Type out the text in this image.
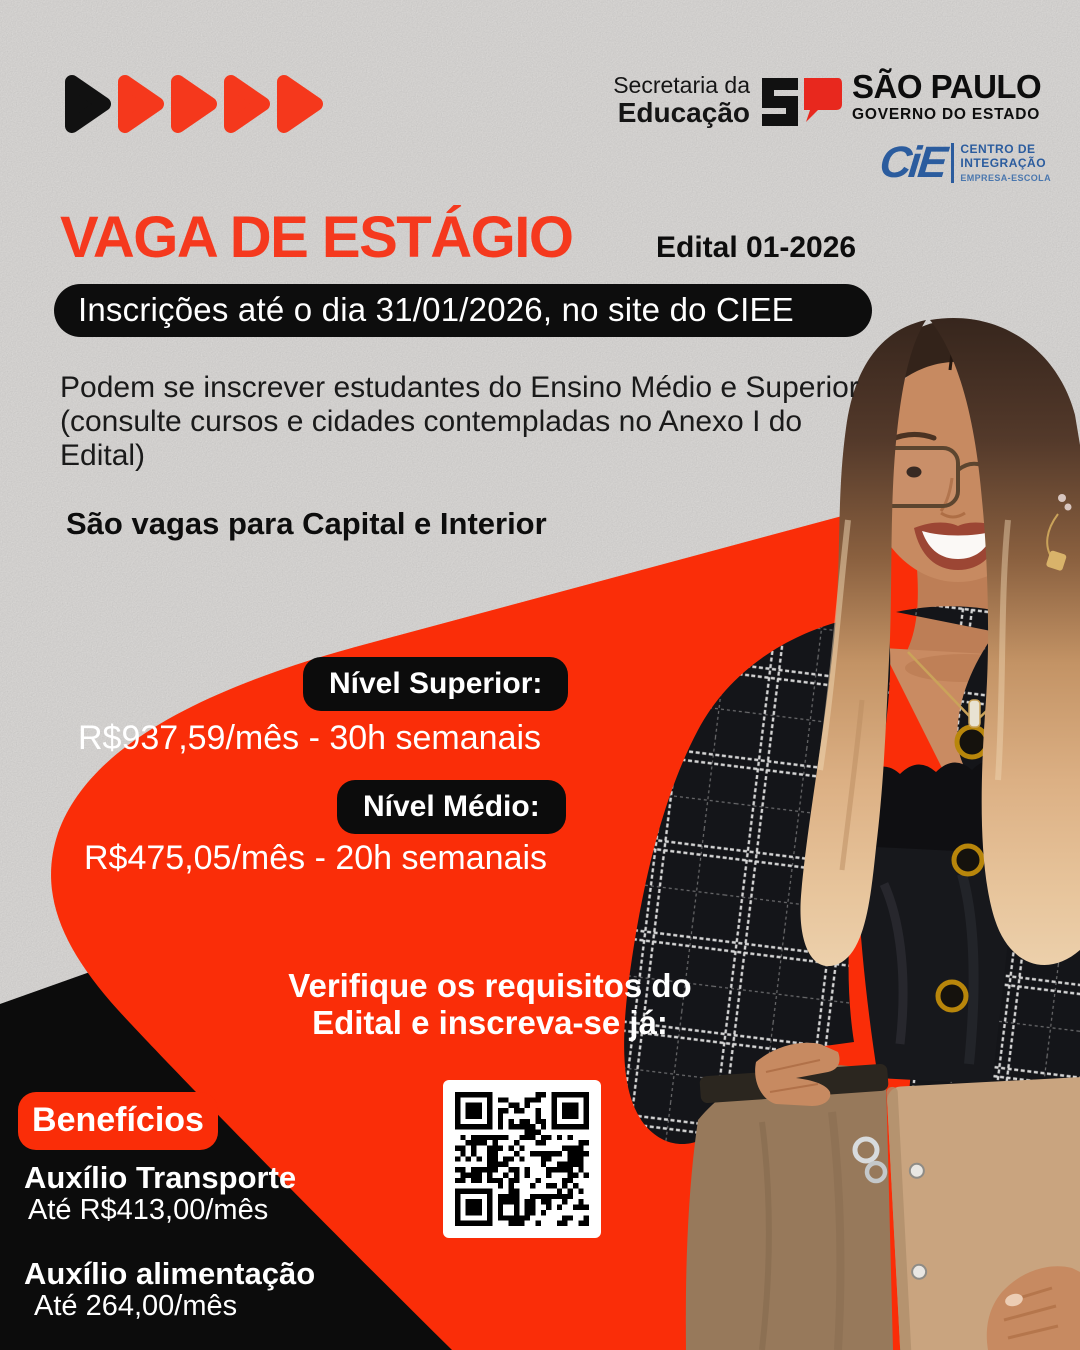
Secretaria da
Educação
SÃO PAULO
GOVERNO DO ESTADO
CiE CENTRO DE
INTEGRAÇÃO
EMPRESA-ESCOLA
VAGA DE ESTÁGIO	Edital 01-2026
Inscrições até o dia 31/01/2026, no site do CIEE
Podem se inscrever estudantes do Ensino Médio e Superior (consulte cursos e cidades contempladas no Anexo I do Edital)
São vagas para Capital e Interior
Nível Superior:
R$937,59/mês - 30h semanais
Nível Médio:
R$475,05/mês - 20h semanais
Verifique os requisitos do
Edital e inscreva-se já:
Benefícios
Auxílio Transporte
Até R$413,00/mês
Auxílio alimentação
Até 264,00/mês
